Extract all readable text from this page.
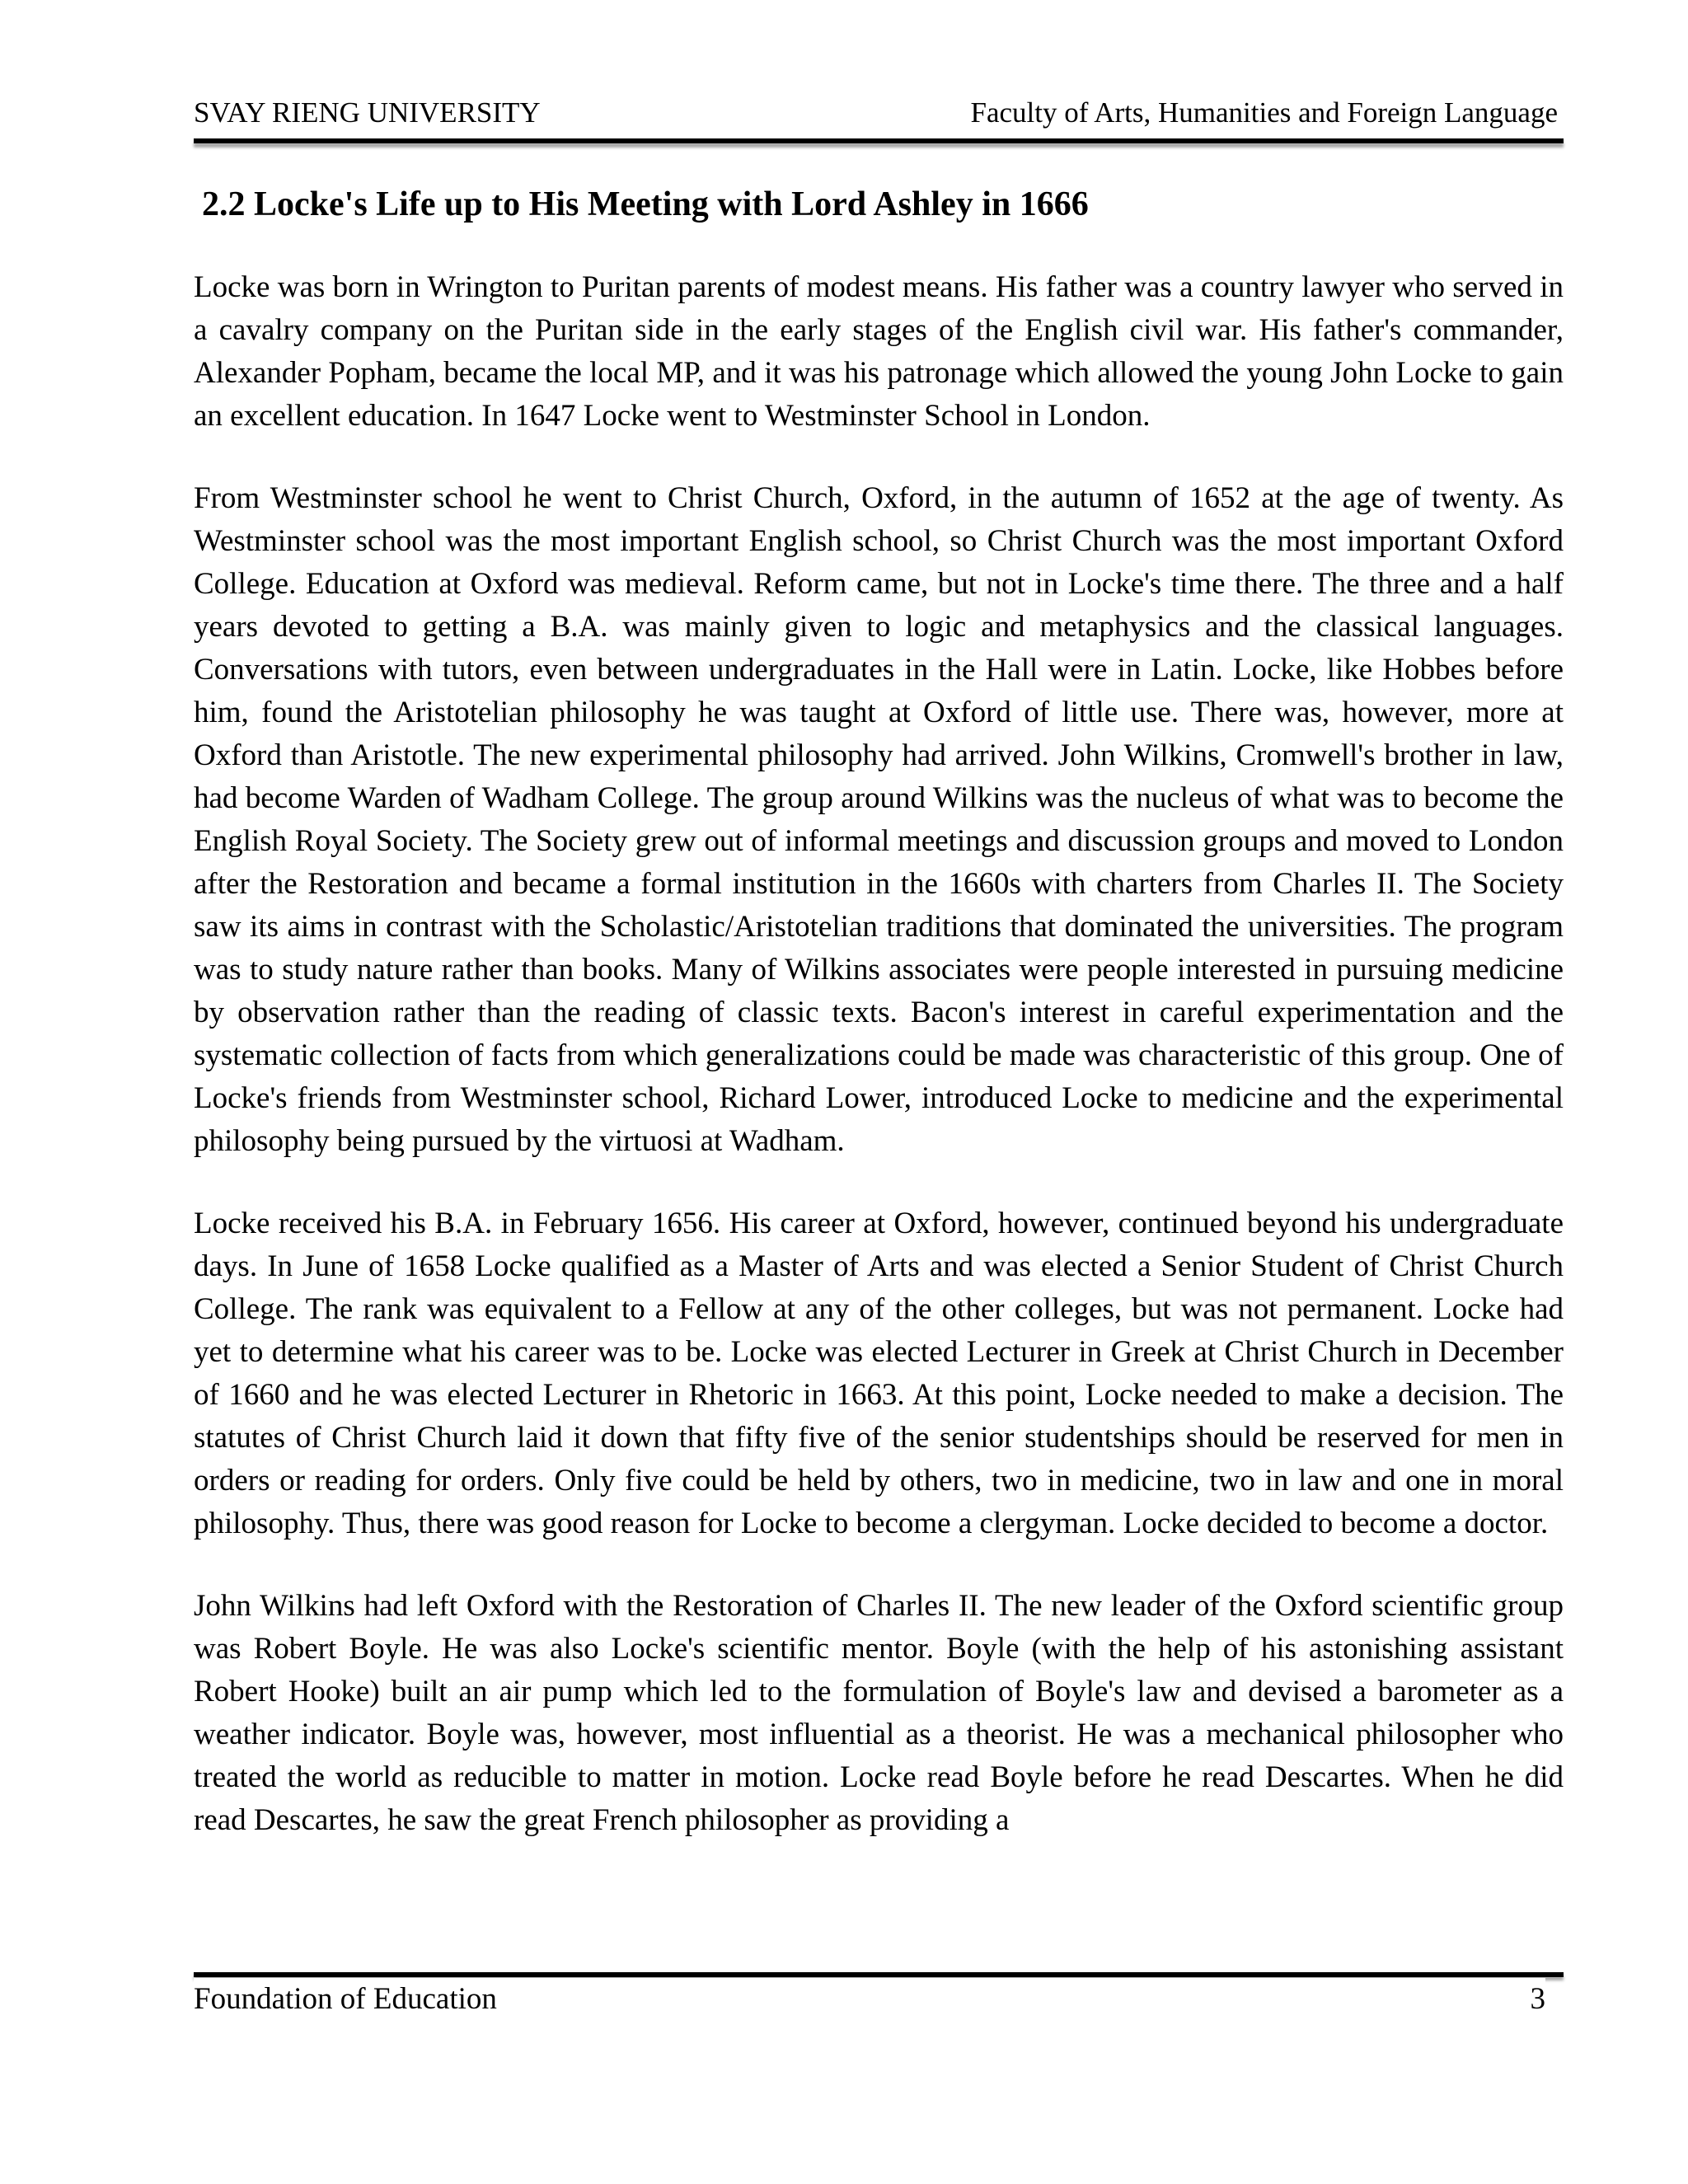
SVAY RIENG UNIVERSITY	Faculty of Arts, Humanities and Foreign Language
2.2 Locke's Life up to His Meeting with Lord Ashley in 1666

Locke was born in Wrington to Puritan parents of modest means. His father was a country lawyer who served in a cavalry company on the Puritan side in the early stages of the English civil war. His father's commander, Alexander Popham, became the local MP, and it was his patronage which allowed the young John Locke to gain an excellent education. In 1647 Locke went to Westminster School in London.

From Westminster school he went to Christ Church, Oxford, in the autumn of 1652 at the age of twenty. As Westminster school was the most important English school, so Christ Church was the most important Oxford College. Education at Oxford was medieval. Reform came, but not in Locke's time there. The three and a half years devoted to getting a B.A. was mainly given to logic and metaphysics and the classical languages. Conversations with tutors, even between undergraduates in the Hall were in Latin. Locke, like Hobbes before him, found the Aristotelian philosophy he was taught at Oxford of little use. There was, however, more at Oxford than Aristotle. The new experimental philosophy had arrived. John Wilkins, Cromwell's brother in law, had become Warden of Wadham College. The group around Wilkins was the nucleus of what was to become the English Royal Society. The Society grew out of informal meetings and discussion groups and moved to London after the Restoration and became a formal institution in the 1660s with charters from Charles II. The Society saw its aims in contrast with the Scholastic/Aristotelian traditions that dominated the universities. The program was to study nature rather than books. Many of Wilkins associates were people interested in pursuing medicine by observation rather than the reading of classic texts. Bacon's interest in careful experimentation and the systematic collection of facts from which generalizations could be made was characteristic of this group. One of Locke's friends from Westminster school, Richard Lower, introduced Locke to medicine and the experimental philosophy being pursued by the virtuosi at Wadham.

Locke received his B.A. in February 1656. His career at Oxford, however, continued beyond his undergraduate days. In June of 1658 Locke qualified as a Master of Arts and was elected a Senior Student of Christ Church College. The rank was equivalent to a Fellow at any of the other colleges, but was not permanent. Locke had yet to determine what his career was to be. Locke was elected Lecturer in Greek at Christ Church in December of 1660 and he was elected Lecturer in Rhetoric in 1663. At this point, Locke needed to make a decision. The statutes of Christ Church laid it down that fifty five of the senior studentships should be reserved for men in orders or reading for orders. Only five could be held by others, two in medicine, two in law and one in moral philosophy. Thus, there was good reason for Locke to become a clergyman. Locke decided to become a doctor.

John Wilkins had left Oxford with the Restoration of Charles II. The new leader of the Oxford scientific group was Robert Boyle. He was also Locke's scientific mentor. Boyle (with the help of his astonishing assistant Robert Hooke) built an air pump which led to the formulation of Boyle's law and devised a barometer as a weather indicator. Boyle was, however, most influential as a theorist. He was a mechanical philosopher who treated the world as reducible to matter in motion. Locke read Boyle before he read Descartes. When he did read Descartes, he saw the great French philosopher as providing a

Foundation of Education	3
